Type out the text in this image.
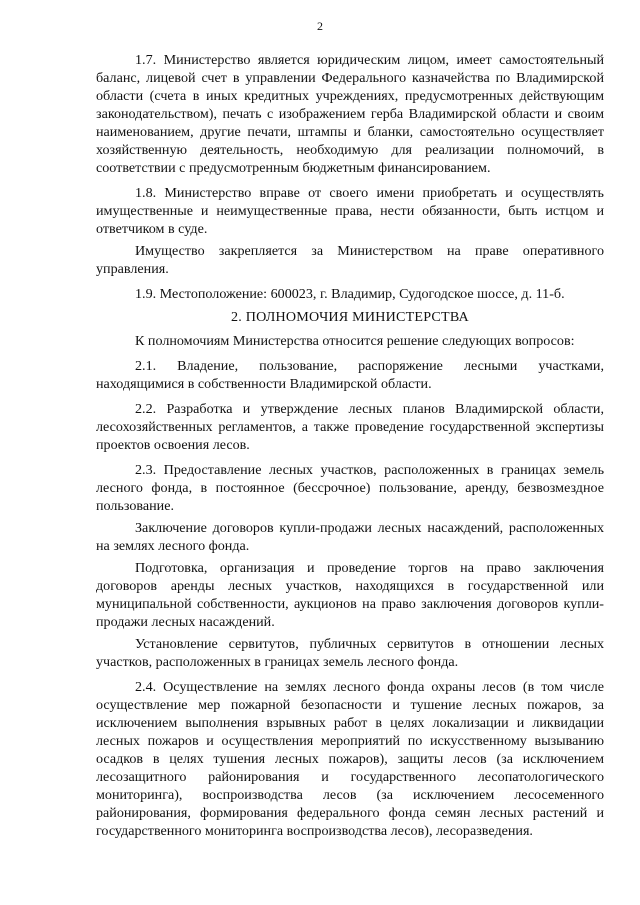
2

1.7. Министерство является юридическим лицом, имеет самостоятельный баланс, лицевой счет в управлении Федерального казначейства по Владимирской области (счета в иных кредитных учреждениях, предусмотренных действующим законодательством), печать с изображением герба Владимирской области и своим наименованием, другие печати, штампы и бланки, самостоятельно осуществляет хозяйственную деятельность, необходимую для реализации полномочий, в соответствии с предусмотренным бюджетным финансированием.

1.8. Министерство вправе от своего имени приобретать и осуществлять имущественные и неимущественные права, нести обязанности, быть истцом и ответчиком в суде.

Имущество закрепляется за Министерством на праве оперативного управления.

1.9. Местоположение: 600023, г. Владимир, Судогодское шоссе, д. 11-б.

2. ПОЛНОМОЧИЯ МИНИСТЕРСТВА

К полномочиям Министерства относится решение следующих вопросов:

2.1. Владение, пользование, распоряжение лесными участками, находящимися в собственности Владимирской области.

2.2. Разработка и утверждение лесных планов Владимирской области, лесохозяйственных регламентов, а также проведение государственной экспертизы проектов освоения лесов.

2.3. Предоставление лесных участков, расположенных в границах земель лесного фонда, в постоянное (бессрочное) пользование, аренду, безвозмездное пользование.

Заключение договоров купли-продажи лесных насаждений, расположенных на землях лесного фонда.

Подготовка, организация и проведение торгов на право заключения договоров аренды лесных участков, находящихся в государственной или муниципальной собственности, аукционов на право заключения договоров купли-продажи лесных насаждений.

Установление сервитутов, публичных сервитутов в отношении лесных участков, расположенных в границах земель лесного фонда.

2.4. Осуществление на землях лесного фонда охраны лесов (в том числе осуществление мер пожарной безопасности и тушение лесных пожаров, за исключением выполнения взрывных работ в целях локализации и ликвидации лесных пожаров и осуществления мероприятий по искусственному вызыванию осадков в целях тушения лесных пожаров), защиты лесов (за исключением лесозащитного районирования и государственного лесопатологического мониторинга), воспроизводства лесов (за исключением лесосеменного районирования, формирования федерального фонда семян лесных растений и государственного мониторинга воспроизводства лесов), лесоразведения.
